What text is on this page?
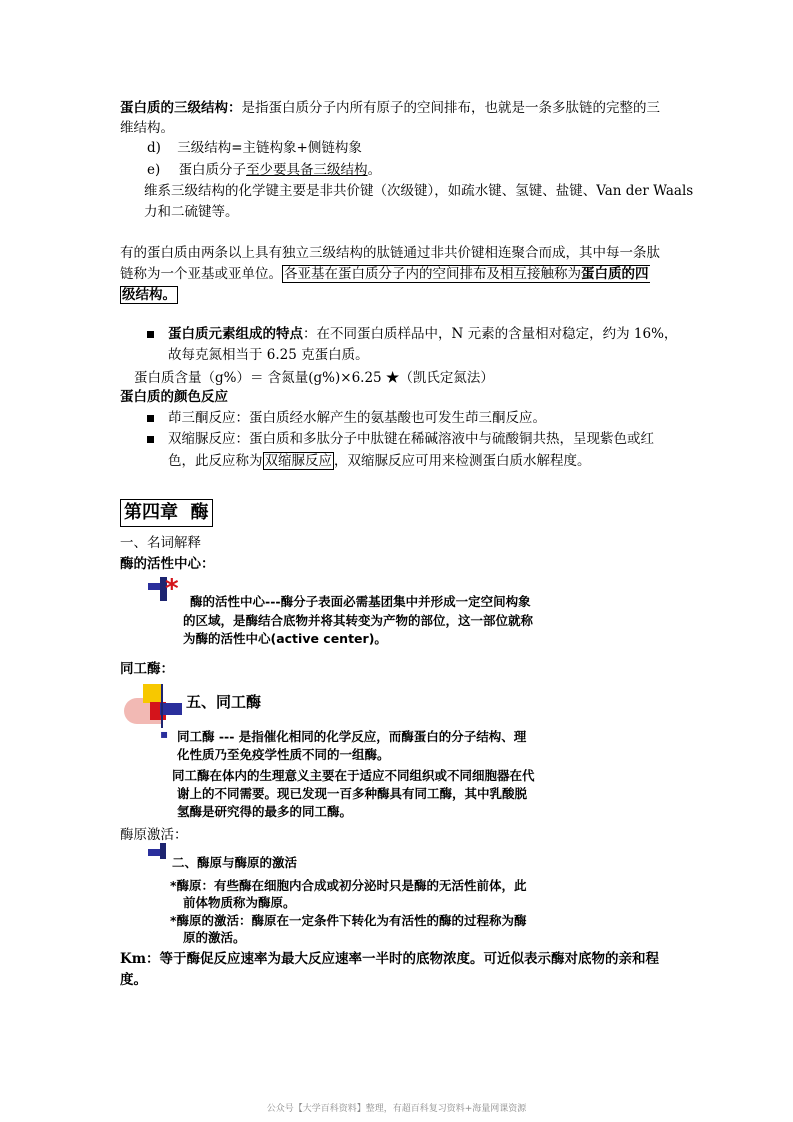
蛋白质的三级结构：是指蛋白质分子内所有原子的空间排布，也就是一条多肽链的完整的三
维结构。
d) 三级结构=主链构象+侧链构象
e) 蛋白质分子至少要具备三级结构。
维系三级结构的化学键主要是非共价键（次级键），如疏水键、氢键、盐键、Van der Waals
力和二硫键等。
有的蛋白质由两条以上具有独立三级结构的肽链通过非共价键相连聚合而成，其中每一条肽
链称为一个亚基或亚单位。 各亚基在蛋白质分子内的空间排布及相互接触称为蛋白质的四
级结构。
蛋白质元素组成的特点：在不同蛋白质样品中，N 元素的含量相对稳定，约为 16%，
故每克氮相当于 6.25 克蛋白质。
蛋白质含量（g%）＝ 含氮量(g%)×6.25 ★（凯氏定氮法）
蛋白质的颜色反应
茚三酮反应：蛋白质经水解产生的氨基酸也可发生茚三酮反应。
双缩脲反应：蛋白质和多肽分子中肽键在稀碱溶液中与硫酸铜共热，呈现紫色或红
色，此反应称为 双缩脲反应 ，双缩脲反应可用来检测蛋白质水解程度。
第四章  酶
一、名词解释
酶的活性中心：
* 酶的活性中心---酶分子表面必需基团集中并形成一定空间构象
的区域，是酶结合底物并将其转变为产物的部位，这一部位就称
为酶的活性中心(active center)。
同工酶：
五、同工酶
▪ 同工酶 --- 是指催化相同的化学反应，而酶蛋白的分子结构、理
化性质乃至免疫学性质不同的一组酶。
同工酶在体内的生理意义主要在于适应不同组织或不同细胞器在代
谢上的不同需要。现已发现一百多种酶具有同工酶，其中乳酸脱
氢酶是研究得的最多的同工酶。
酶原激活：
二、酶原与酶原的激活
*酶原：有些酶在细胞内合成或初分泌时只是酶的无活性前体，此
前体物质称为酶原。
*酶原的激活：酶原在一定条件下转化为有活性的酶的过程称为酶
原的激活。
Km：等于酶促反应速率为最大反应速率一半时的底物浓度。可近似表示酶对底物的亲和程
度。
公众号【大学百科资料】整理，有超百科复习资料+海量网课资源
